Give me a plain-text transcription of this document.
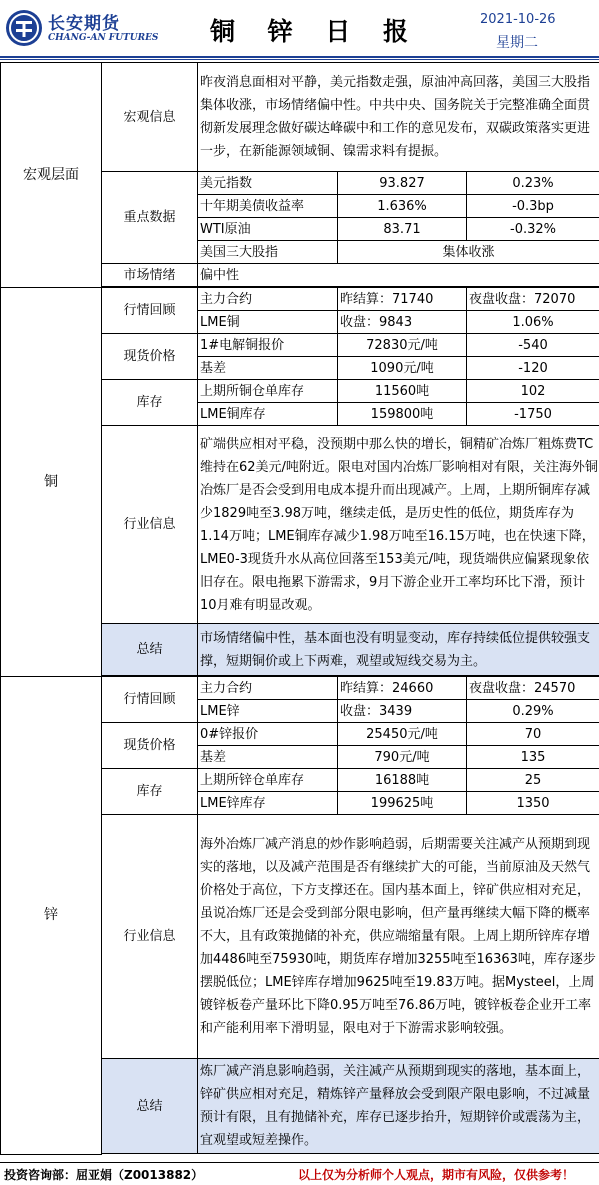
长安期货
CHANG-AN FUTURES	铜 锌 日 报	2021-10-26
星期二
宏观层面	宏观信息	昨夜消息面相对平静，美元指数走强，原油冲高回落，美国三大股指集体收涨，市场情绪偏中性。中共中央、国务院关于完整准确全面贯彻新发展理念做好碳达峰碳中和工作的意见发布，双碳政策落实更进一步，在新能源领域铜、镍需求料有提振。		
	重点数据	美元指数	93.827	0.23%
		十年期美债收益率	1.636%	-0.3bp
		WTI原油	83.71	-0.32%
		美国三大股指	集体收涨	
	市场情绪	偏中性		

铜	行情回顾	主力合约	昨结算：71740	夜盘收盘：72070
		LME铜	收盘：9843	1.06%
	现货价格	1#电解铜报价	72830元/吨	-540
		基差	1090元/吨	-120
	库存	上期所铜仓单库存	11560吨	102
		LME铜库存	159800吨	-1750
	行业信息	矿端供应相对平稳，没预期中那么快的增长，铜精矿冶炼厂粗炼费TC维持在62美元/吨附近。限电对国内冶炼厂影响相对有限，关注海外铜冶炼厂是否会受到用电成本提升而出现减产。上周，上期所铜库存减少1829吨至3.98万吨，继续走低，是历史性的低位，期货库存为1.14万吨；LME铜库存减少1.98万吨至16.15万吨，也在快速下降，LME0-3现货升水从高位回落至153美元/吨，现货端供应偏紧现象依旧存在。限电拖累下游需求，9月下游企业开工率均环比下滑，预计10月难有明显改观。		
	总结	市场情绪偏中性，基本面也没有明显变动，库存持续低位提供较强支撑，短期铜价或上下两难，观望或短线交易为主。		

锌	行情回顾	主力合约	昨结算：24660	夜盘收盘：24570
		LME锌	收盘：3439	0.29%
	现货价格	0#锌报价	25450元/吨	70
		基差	790元/吨	135
	库存	上期所锌仓单库存	16188吨	25
		LME锌库存	199625吨	1350
	行业信息	海外冶炼厂减产消息的炒作影响趋弱，后期需要关注减产从预期到现实的落地，以及减产范围是否有继续扩大的可能，当前原油及天然气价格处于高位，下方支撑还在。国内基本面上，锌矿供应相对充足，虽说冶炼厂还是会受到部分限电影响，但产量再继续大幅下降的概率不大，且有政策抛储的补充，供应端缩量有限。上周上期所锌库存增加4486吨至75930吨，期货库存增加3255吨至16363吨，库存逐步摆脱低位；LME锌库存增加9625吨至19.83万吨。据Mysteel，上周镀锌板卷产量环比下降0.95万吨至76.86万吨，镀锌板卷企业开工率和产能利用率下滑明显，限电对于下游需求影响较强。		
	总结	炼厂减产消息影响趋弱，关注减产从预期到现实的落地，基本面上，锌矿供应相对充足，精炼锌产量释放会受到限产限电影响，不过减量预计有限，且有抛储补充，库存已逐步抬升，短期锌价或震荡为主，宜观望或短差操作。		

投资咨询部：屈亚娟（Z0013882）	以上仅为分析师个人观点，期市有风险，仅供参考！
